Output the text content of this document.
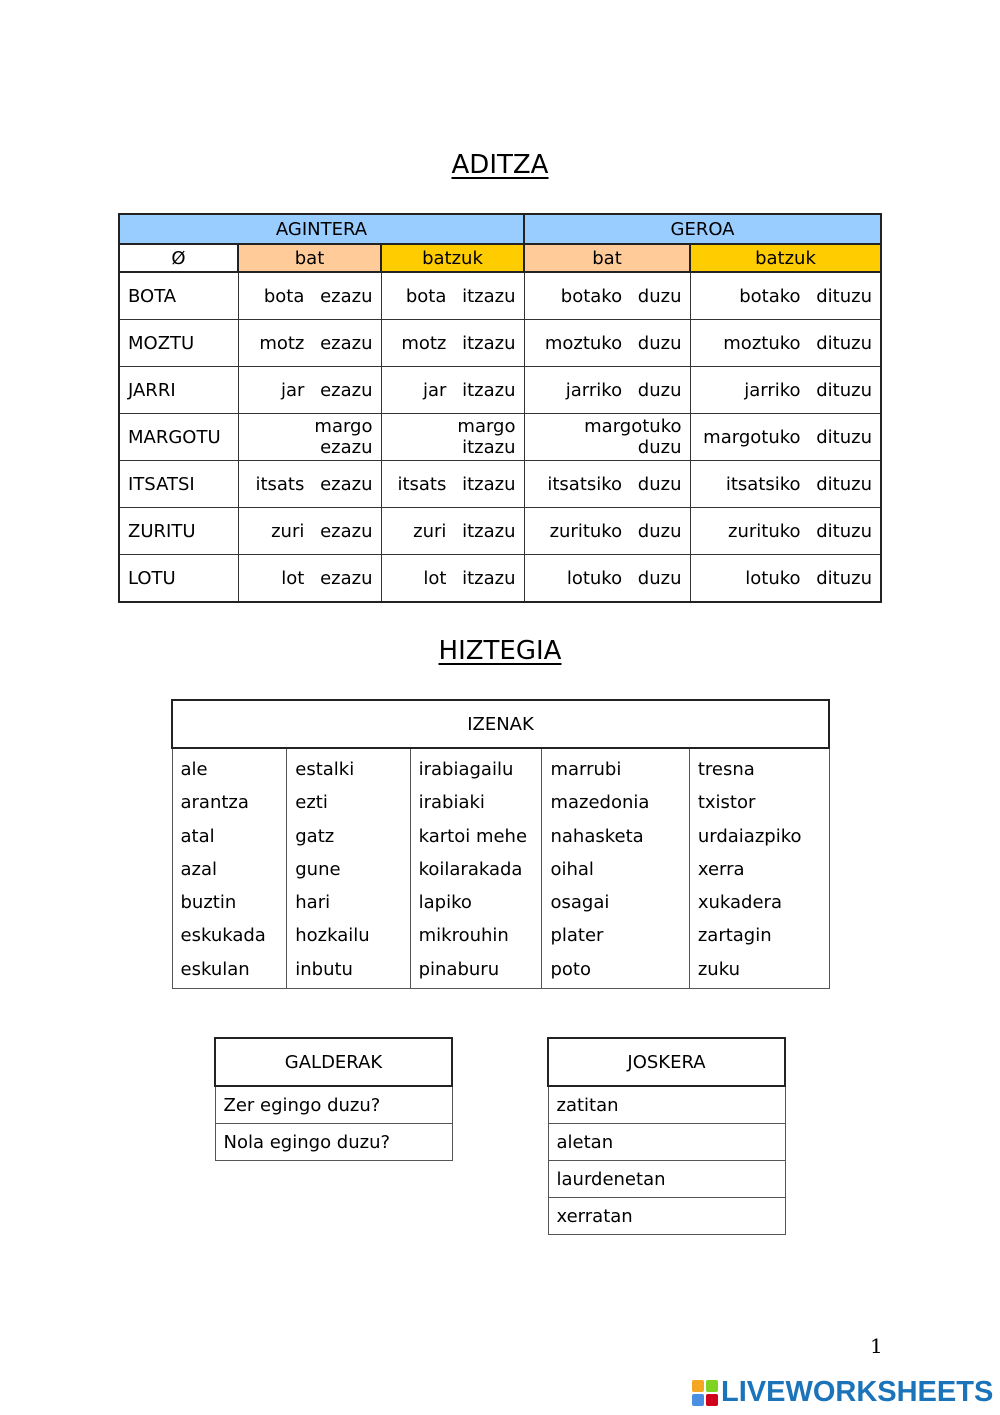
ADITZA
AGINTERA			GEROA	
Ø	bat	batzuk	bat	batzuk
BOTA	bota ezazu	bota itzazu	botako duzu	botako dituzu
MOZTU	motz ezazu	motz itzazu	moztuko duzu	moztuko dituzu
JARRI	jar ezazu	jar itzazu	jarriko duzu	jarriko dituzu
MARGOTU	margo ezazu	margo itzazu	margotuko duzu	margotuko dituzu
ITSATSI	itsats ezazu	itsats itzazu	itsatsiko duzu	itsatsiko dituzu
ZURITU	zuri ezazu	zuri itzazu	zurituko duzu	zurituko dituzu
LOTU	lot ezazu	lot itzazu	lotuko duzu	lotuko dituzu
HIZTEGIA
IZENAK

ale
arantza
atal
azal
buztin
eskukada
eskulan

estalki
ezti
gatz
gune
hari
hozkailu
inbutu

irabiagailu
irabiaki
kartoi mehe
koilarakada
lapiko
mikrouhin
pinaburu

marrubi
mazedonia
nahasketa
oihal
osagai
plater
poto

tresna
txistor
urdaiazpiko
xerra
xukadera
zartagin
zuku
GALDERAK
Zer egingo duzu?
Nola egingo duzu?
JOSKERA
zatitan
aletan
laurdenetan
xerratan
1
LIVEWORKSHEETS
